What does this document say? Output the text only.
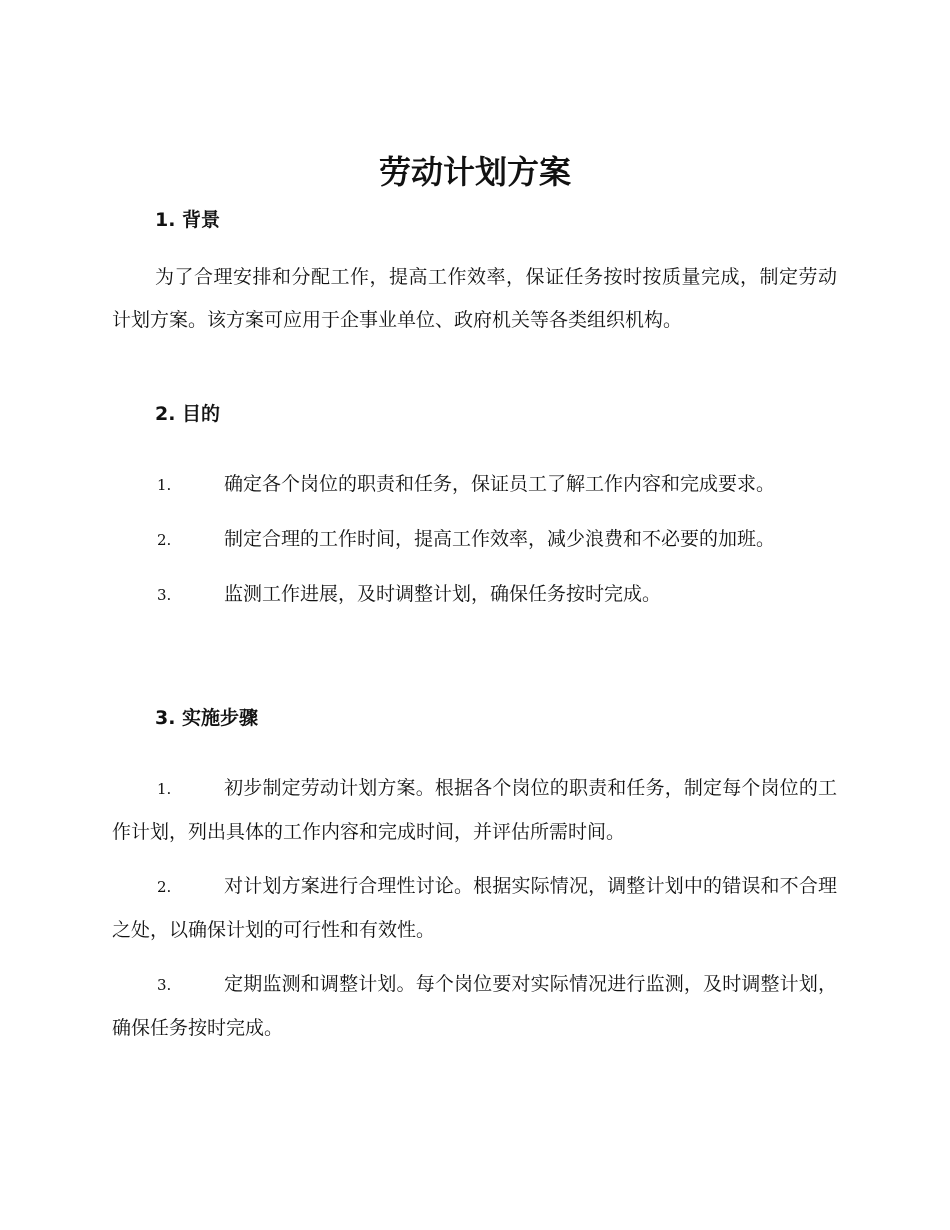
劳动计划方案
1. 背景

为了合理安排和分配工作，提高工作效率，保证任务按时按质量完成，制定劳动计划方案。该方案可应用于企事业单位、政府机关等各类组织机构。

2. 目的

1.	确定各个岗位的职责和任务，保证员工了解工作内容和完成要求。

2.	制定合理的工作时间，提高工作效率，减少浪费和不必要的加班。

3.	监测工作进展，及时调整计划，确保任务按时完成。

3. 实施步骤

1.	初步制定劳动计划方案。根据各个岗位的职责和任务，制定每个岗位的工作计划，列出具体的工作内容和完成时间，并评估所需时间。

2.	对计划方案进行合理性讨论。根据实际情况，调整计划中的错误和不合理之处，以确保计划的可行性和有效性。

3.	定期监测和调整计划。每个岗位要对实际情况进行监测，及时调整计划，确保任务按时完成。
